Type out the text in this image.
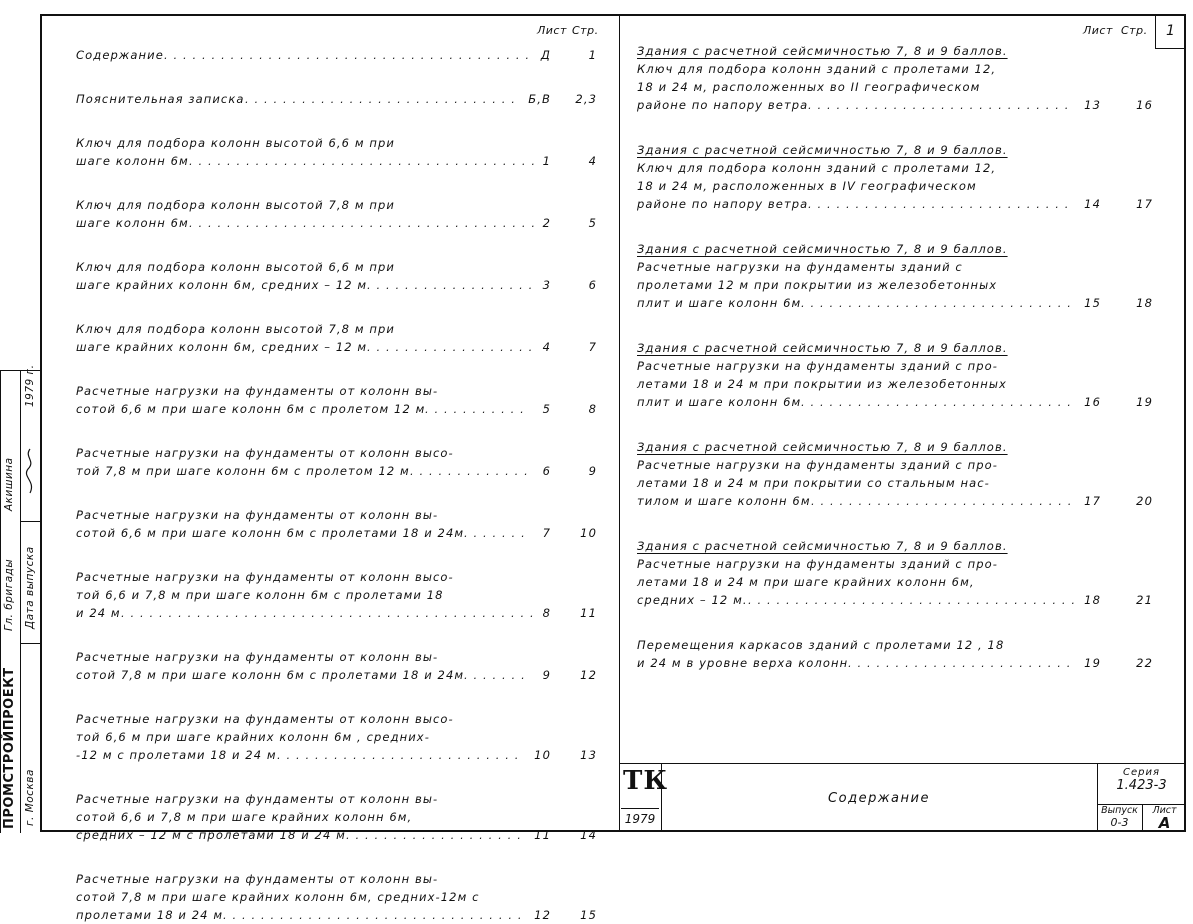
Лист Стр.
Содержание . . . . . . . . . . . . . . . . . . . . . . . . . . . . . . . . . . . . . . . Д	1
Пояснительная записка . . . . . . . . . . . . . . . . . . . . . . . . . . . . . Б,В 2,3
Ключ для подбора колонн высотой 6,6 м при
шаге колонн 6м . . . . . . . . . . . . . . . . . . . . . . . . . . . . . . . . . . . . . 1	4
Ключ для подбора колонн высотой 7,8 м при
шаге колонн 6м . . . . . . . . . . . . . . . . . . . . . . . . . . . . . . . . . . . . . 2	5
Ключ для подбора колонн высотой 6,6 м при
шаге крайних колонн 6м, средних – 12 м . . . . . . . . . . . . . . . . . . 3	6
Ключ для подбора колонн высотой 7,8 м при
шаге крайних колонн 6м, средних – 12 м . . . . . . . . . . . . . . . . . . 4	7
Расчетные нагрузки на фундаменты от колонн вы-
сотой 6,6 м при шаге колонн 6м с пролетом 12 м . . . . . . . . . . . 5	8
Расчетные нагрузки на фундаменты от колонн высо-
той 7,8 м при шаге колонн 6м с пролетом 12 м . . . . . . . . . . . . . 6	9
Расчетные нагрузки на фундаменты от колонн вы-
сотой 6,6 м при шаге колонн 6м с пролетами 18 и 24м . . . . . . . 7	10
Расчетные нагрузки на фундаменты от колонн высо-
той 6,6 и 7,8 м при шаге колонн 6м с пролетами 18
и 24 м . . . . . . . . . . . . . . . . . . . . . . . . . . . . . . . . . . . . . . . . . . . . 8	11
Расчетные нагрузки на фундаменты от колонн вы-
сотой 7,8 м при шаге колонн 6м с пролетами 18 и 24м . . . . . . . 9	12
Расчетные нагрузки на фундаменты от колонн высо-
той 6,6 м при шаге крайних колонн 6м , средних-
-12 м с пролетами 18 и 24 м . . . . . . . . . . . . . . . . . . . . . . . . . . 10	13
Расчетные нагрузки на фундаменты от колонн вы-
сотой 6,6 и 7,8 м при шаге крайних колонн 6м,
средних – 12 м с пролетами 18 и 24 м . . . . . . . . . . . . . . . . . . . 11	14
Расчетные нагрузки на фундаменты от колонн вы-
сотой 7,8 м при шаге крайних колонн 6м, средних-12м с
пролетами 18 и 24 м . . . . . . . . . . . . . . . . . . . . . . . . . . . . . . . . 12	15
Лист Стр.
Здания с расчетной сейсмичностью 7, 8 и 9 баллов.
Ключ для подбора колонн зданий с пролетами 12,
18 и 24 м, расположенных во II географическом
районе по напору ветра . . . . . . . . . . . . . . . . . . . . . . . . . . . . 13	16
Здания с расчетной сейсмичностью 7, 8 и 9 баллов.
Ключ для подбора колонн зданий с пролетами 12,
18 и 24 м, расположенных в IV географическом
районе по напору ветра . . . . . . . . . . . . . . . . . . . . . . . . . . . . 14	17
Здания с расчетной сейсмичностью 7, 8 и 9 баллов.
Расчетные нагрузки на фундаменты зданий с
пролетами 12 м при покрытии из железобетонных
плит и шаге колонн 6м . . . . . . . . . . . . . . . . . . . . . . . . . . . . . 15	18
Здания с расчетной сейсмичностью 7, 8 и 9 баллов.
Расчетные нагрузки на фундаменты зданий с про-
летами 18 и 24 м при покрытии из железобетонных
плит и шаге колонн 6м . . . . . . . . . . . . . . . . . . . . . . . . . . . . . 16	19
Здания с расчетной сейсмичностью 7, 8 и 9 баллов.
Расчетные нагрузки на фундаменты зданий с про-
летами 18 и 24 м при покрытии со стальным нас-
тилом и шаге колонн 6м . . . . . . . . . . . . . . . . . . . . . . . . . . . . 17	20
Здания с расчетной сейсмичностью 7, 8 и 9 баллов.
Расчетные нагрузки на фундаменты зданий с про-
летами 18 и 24 м при шаге крайних колонн 6м,
средних – 12 м. . . . . . . . . . . . . . . . . . . . . . . . . . . . . . . . . . . . 18	21
Перемещения каркасов зданий с пролетами 12 , 18
и 24 м в уровне верха колонн . . . . . . . . . . . . . . . . . . . . . . . . 19	22
1
ТК
1979
Содержание
Серия
1.423-3
Выпуск
0-3
Лист
А
ПРОМСТРОЙПРОЕКТ г. Москва
Дата выпуска
1979 г.
Гл. бригады
Акишина
